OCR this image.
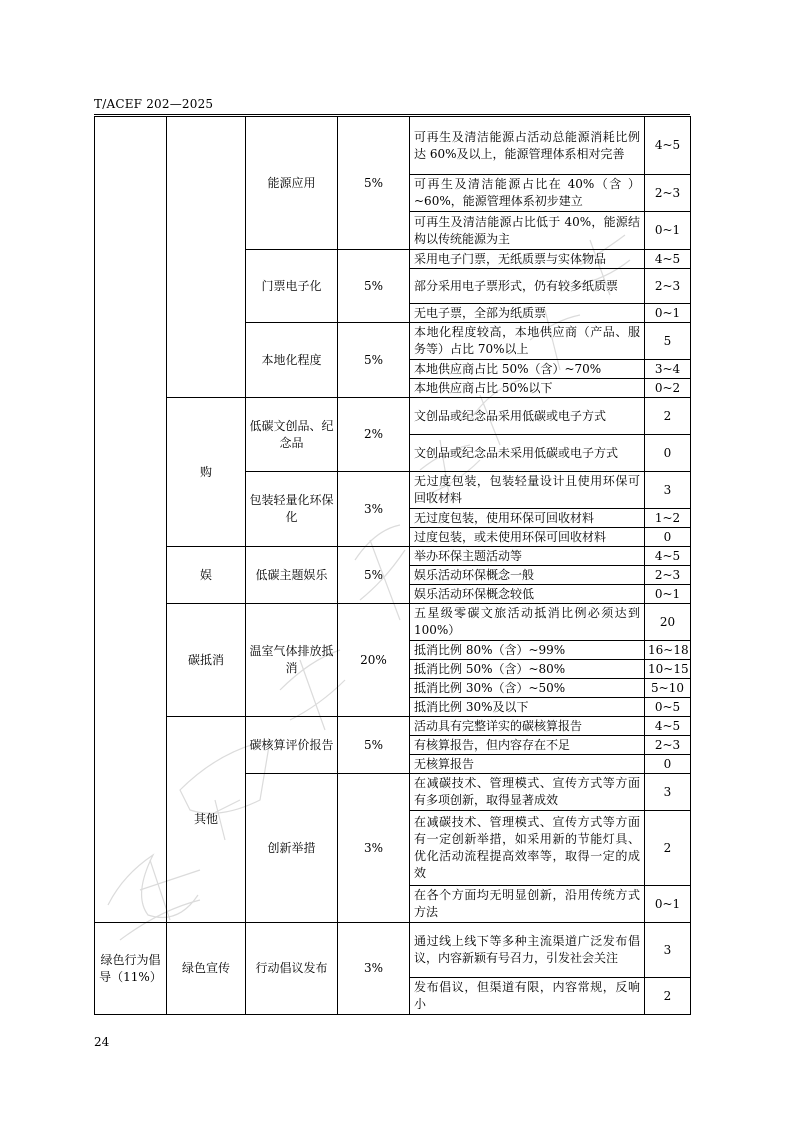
T/ACEF 202—2025
		能源应用	5%	可再生及清洁能源占活动总能源消耗比例达 60%及以上，能源管理体系相对完善	4~5
				可再生及清洁能源占比在 40%（含 ）~60%，能源管理体系初步建立	2~3
				可再生及清洁能源占比低于 40%，能源结构以传统能源为主	0~1
		门票电子化	5%	采用电子门票，无纸质票与实体物品	4~5
				部分采用电子票形式，仍有较多纸质票	2~3
				无电子票，全部为纸质票	0~1
		本地化程度	5%	本地化程度较高，本地供应商（产品、服务等）占比 70%以上	5
				本地供应商占比 50%（含）~70%	3~4
				本地供应商占比 50%以下	0~2
	购	低碳文创品、纪念品	2%	文创品或纪念品采用低碳或电子方式	2
				文创品或纪念品未采用低碳或电子方式	0
		包装轻量化环保化	3%	无过度包装，包装轻量设计且使用环保可回收材料	3
				无过度包装，使用环保可回收材料	1~2
				过度包装，或未使用环保可回收材料	0
	娱	低碳主题娱乐	5%	举办环保主题活动等	4~5
				娱乐活动环保概念一般	2~3
				娱乐活动环保概念较低	0~1
	碳抵消	温室气体排放抵消	20%	五星级零碳文旅活动抵消比例必须达到 100%）	20
				抵消比例 80%（含）~99%	16~18
				抵消比例 50%（含）~80%	10~15
				抵消比例 30%（含）~50%	5~10
				抵消比例 30%及以下	0~5
	其他	碳核算评价报告	5%	活动具有完整详实的碳核算报告	4~5
				有核算报告，但内容存在不足	2~3
				无核算报告	0
		创新举措	3%	在减碳技术、管理模式、宣传方式等方面有多项创新，取得显著成效	3
				在减碳技术、管理模式、宣传方式等方面有一定创新举措，如采用新的节能灯具、优化活动流程提高效率等，取得一定的成效	2
				在各个方面均无明显创新，沿用传统方式方法	0~1
绿色行为倡导（11%）	绿色宣传	行动倡议发布	3%	通过线上线下等多种主流渠道广泛发布倡议，内容新颖有号召力，引发社会关注	3
				发布倡议，但渠道有限，内容常规，反响小	2
24
